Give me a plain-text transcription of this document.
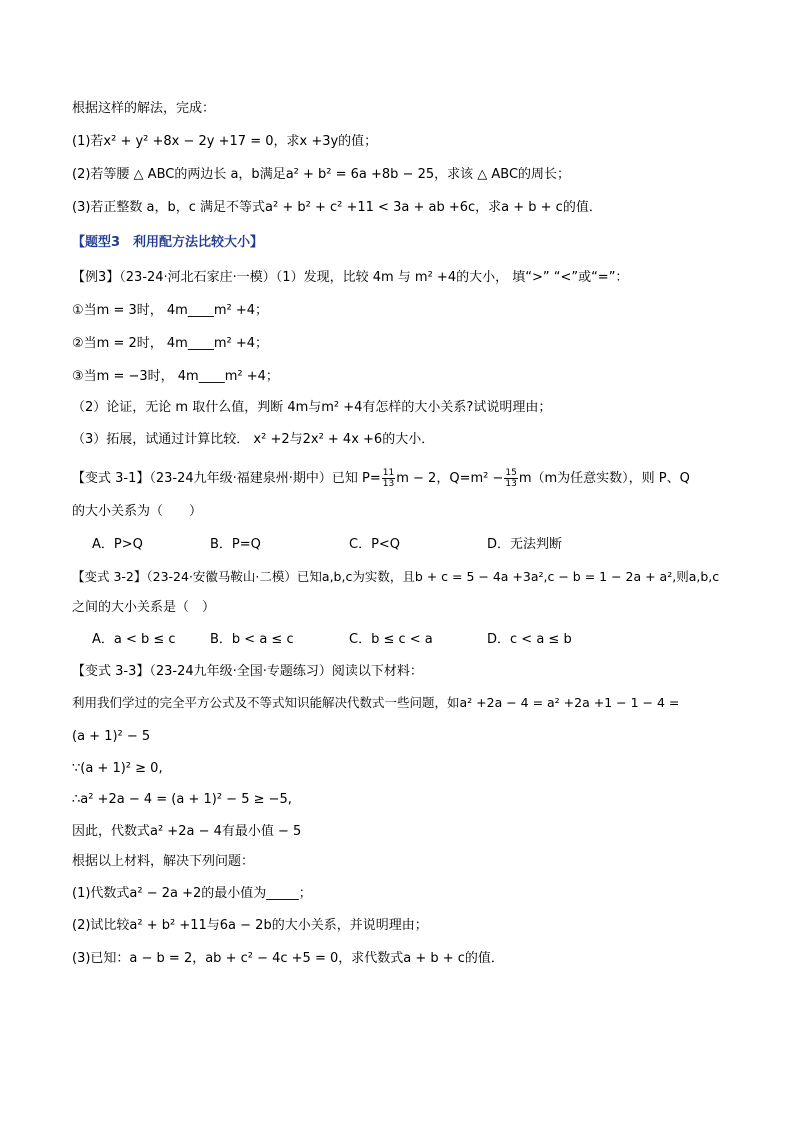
根据这样的解法，完成：
(1)若x² + y² +8x − 2y +17 = 0，求x +3y的值；
(2)若等腰 △ ABC的两边长 a，b满足a² + b² = 6a +8b − 25，求该 △ ABC的周长；
(3)若正整数 a，b，c 满足不等式a² + b² + c² +11 < 3a + ab +6c，求a + b + c的值．
【题型3　利用配方法比较大小】
【例3】（23-24·河北石家庄·一模）（1）发现，比较 4m 与 m² +4的大小， 填“>” “<”或“=”：
①当m = 3时， 4m____m² +4；
②当m = 2时， 4m____m² +4；
③当m = −3时， 4m____m² +4；
（2）论证，无论 m 取什么值，判断 4m与m² +4有怎样的大小关系?试说明理由；
（3）拓展，试通过计算比较． x² +2与2x² + 4x +6的大小．
【变式 3-1】（23-24九年级·福建泉州·期中）已知 $P= \frac{11}{13}$ m − 2，$Q=m^2 - \frac{15}{13} m(m$为任意实数），则 P、Q
的大小关系为（　　）
A．P>Q	B．P=Q	C．P<Q	D．无法判断
【变式 3-2】（23-24·安徽马鞍山·二模）已知a,b,c为实数，且b + c = 5 − 4a +3a²,c − b = 1 − 2a + a²,则a,b,c
之间的大小关系是（　）
A．a < b ≤ c	B．b < a ≤ c	C．b ≤ c < a	D．c < a ≤ b
【变式 3-3】（23-24九年级·全国·专题练习）阅读以下材料：
利用我们学过的完全平方公式及不等式知识能解决代数式一些问题，如a² +2a − 4 = a² +2a +1 − 1 − 4 =
(a + 1)² − 5
∵(a + 1)² ≥ 0,
∴a² +2a − 4 = (a + 1)² − 5 ≥ −5,
因此，代数式a² +2a − 4有最小值 − 5
根据以上材料，解决下列问题：
(1)代数式a² − 2a +2的最小值为_____；
(2)试比较a² + b² +11与6a − 2b的大小关系，并说明理由；
(3)已知：a − b = 2，ab + c² − 4c +5 = 0，求代数式a + b + c的值．
